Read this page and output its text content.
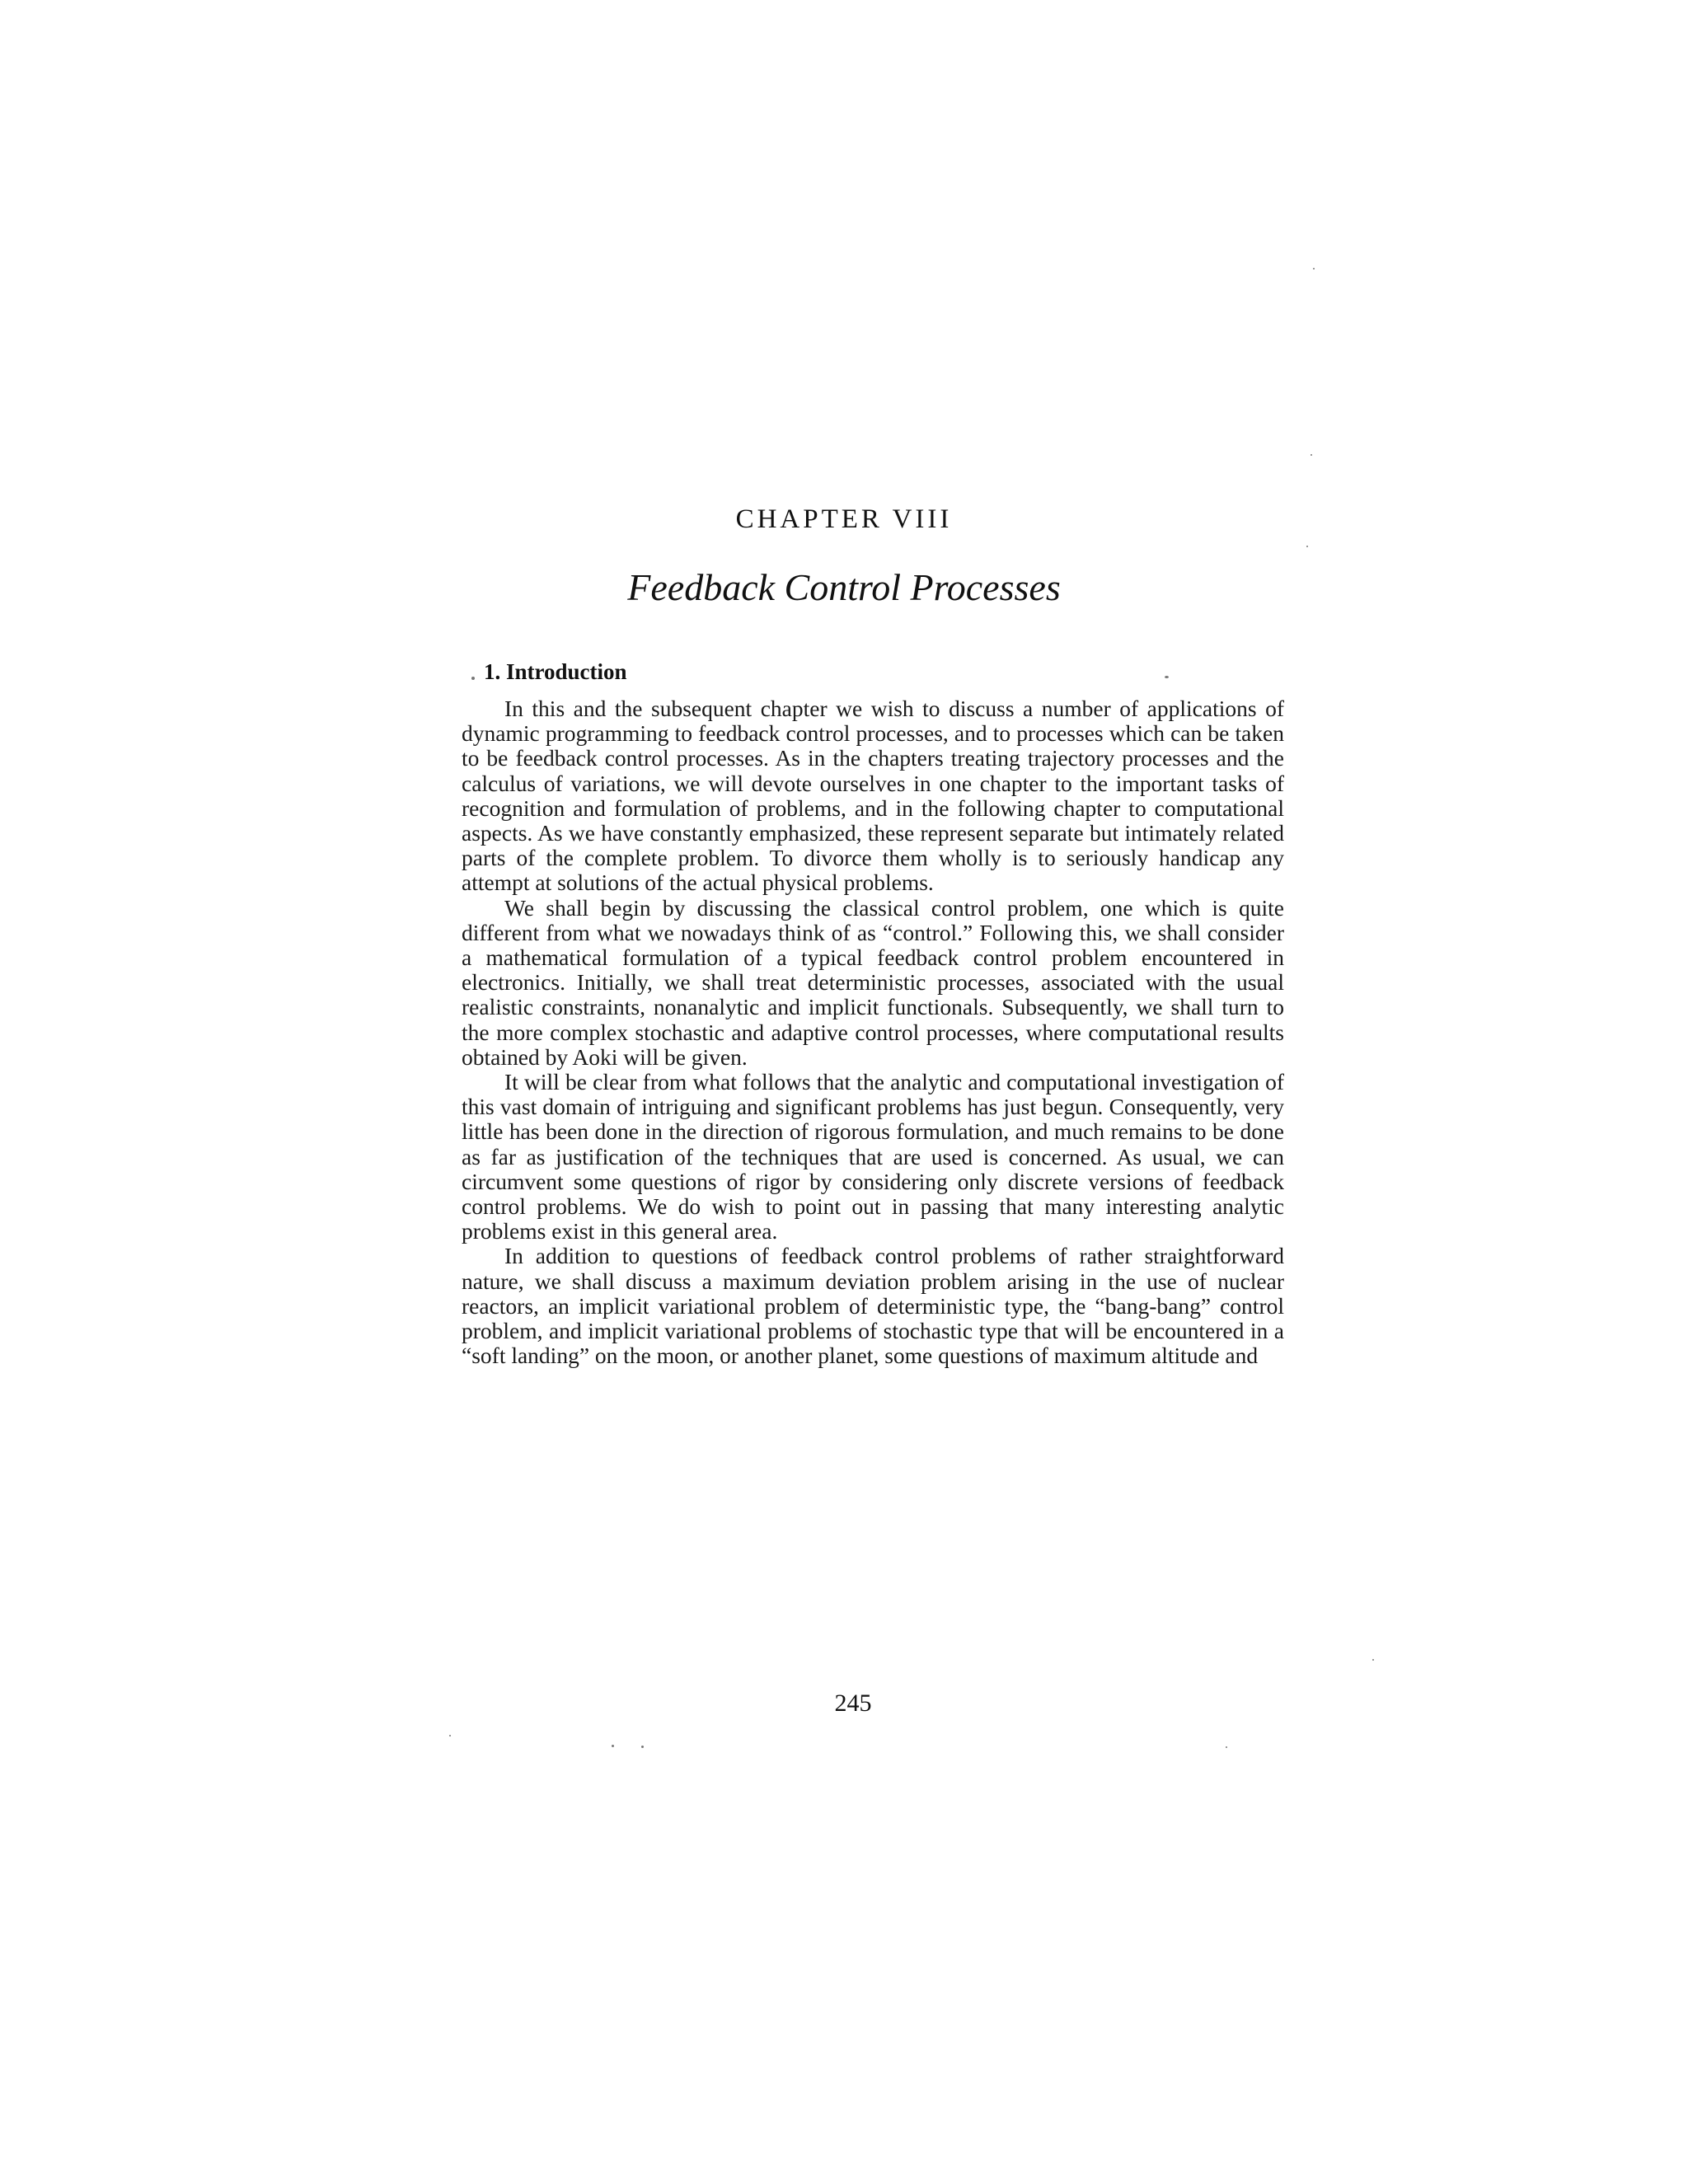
CHAPTER VIII
Feedback Control Processes
1. Introduction

In this and the subsequent chapter we wish to discuss a number of applications of dynamic programming to feedback control processes, and to processes which can be taken to be feedback control processes. As in the chapters treating trajectory processes and the calculus of variations, we will devote ourselves in one chapter to the important tasks of recognition and formulation of problems, and in the following chapter to computational aspects. As we have constantly emphasized, these represent separate but intimately related parts of the complete problem. To divorce them wholly is to seriously handicap any attempt at solutions of the actual physical problems.

We shall begin by discussing the classical control problem, one which is quite different from what we nowadays think of as “control.” Following this, we shall consider a mathematical formulation of a typical feedback control problem encountered in electronics. Initially, we shall treat deterministic processes, associated with the usual realistic constraints, nonanalytic and implicit functionals. Subsequently, we shall turn to the more complex stochastic and adaptive control processes, where computational results obtained by Aoki will be given.

It will be clear from what follows that the analytic and computational investigation of this vast domain of intriguing and significant problems has just begun. Consequently, very little has been done in the direction of rigorous formulation, and much remains to be done as far as justification of the techniques that are used is concerned. As usual, we can circumvent some questions of rigor by considering only discrete versions of feedback control problems. We do wish to point out in passing that many interesting analytic problems exist in this general area.

In addition to questions of feedback control problems of rather straightforward nature, we shall discuss a maximum deviation problem arising in the use of nuclear reactors, an implicit variational problem of deterministic type, the “bang-bang” control problem, and implicit variational problems of stochastic type that will be encountered in a “soft landing” on the moon, or another planet, some questions of maximum altitude and

245
